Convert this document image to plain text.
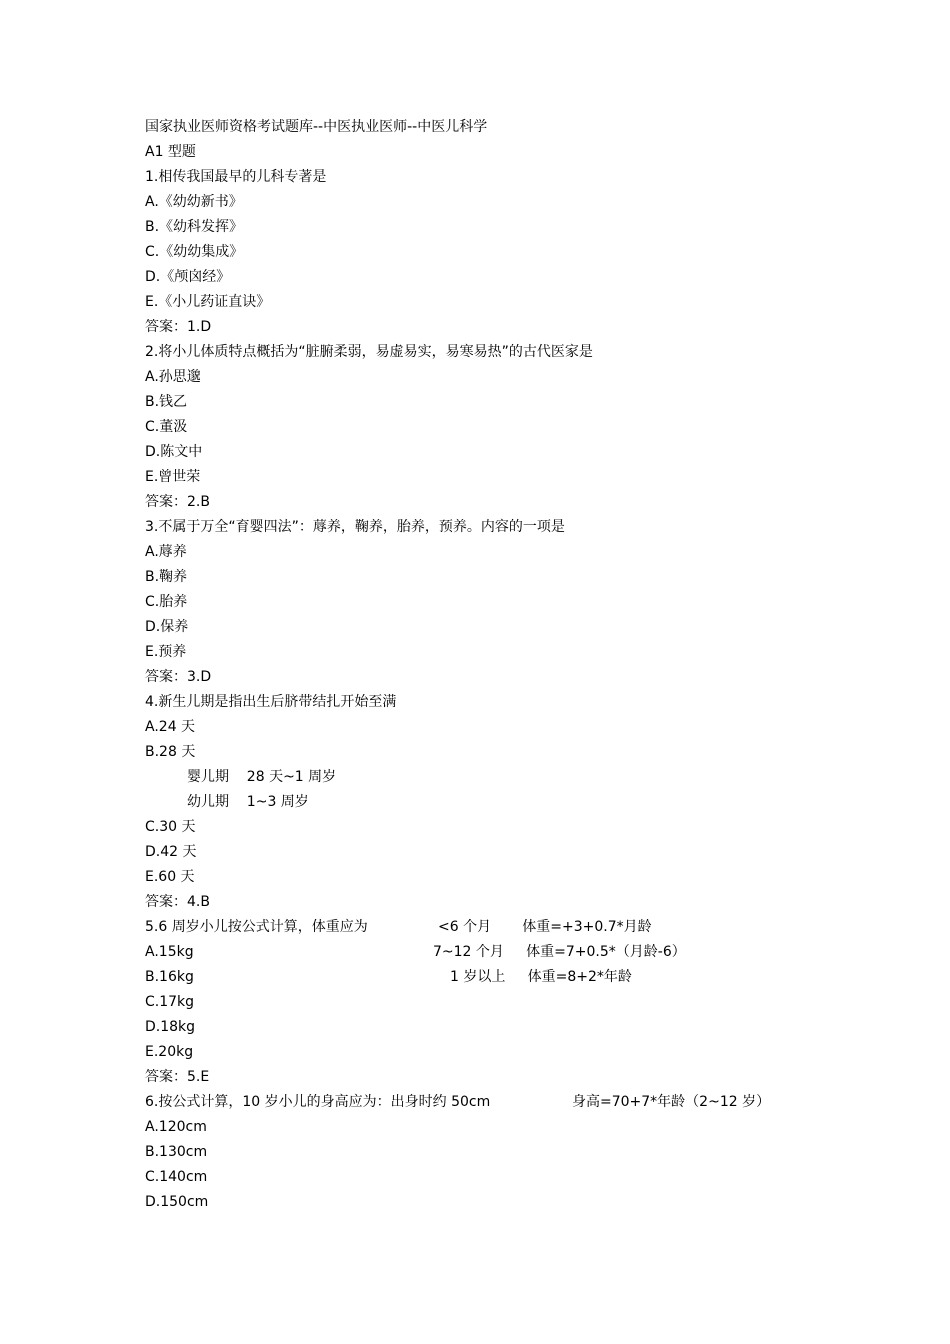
国家执业医师资格考试题库--中医执业医师--中医儿科学
A1 型题
1.相传我国最早的儿科专著是
A.《幼幼新书》
B.《幼科发挥》
C.《幼幼集成》
D.《颅囟经》
E.《小儿药证直诀》
答案：1.D
2.将小儿体质特点概括为“脏腑柔弱，易虚易实，易寒易热”的古代医家是
A.孙思邈
B.钱乙
C.董汲
D.陈文中
E.曾世荣
答案：2.B
3.不属于万全“育婴四法”：蓐养，鞠养，胎养，预养。内容的一项是
A.蓐养
B.鞠养
C.胎养
D.保养
E.预养
答案：3.D
4.新生儿期是指出生后脐带结扎开始至满
A.24 天
B.28 天
婴儿期    28 天~1 周岁
幼儿期    1~3 周岁
C.30 天
D.42 天
E.60 天
答案：4.B
5.6 周岁小儿按公式计算，体重应为	<6 个月       体重=+3+0.7*月龄
A.15kg	7~12 个月     体重=7+0.5*（月龄-6）
B.16kg	1 岁以上     体重=8+2*年龄
C.17kg
D.18kg
E.20kg
答案：5.E
6.按公式计算，10 岁小儿的身高应为：出身时约 50cm	身高=70+7*年龄（2~12 岁）
A.120cm
B.130cm
C.140cm
D.150cm
